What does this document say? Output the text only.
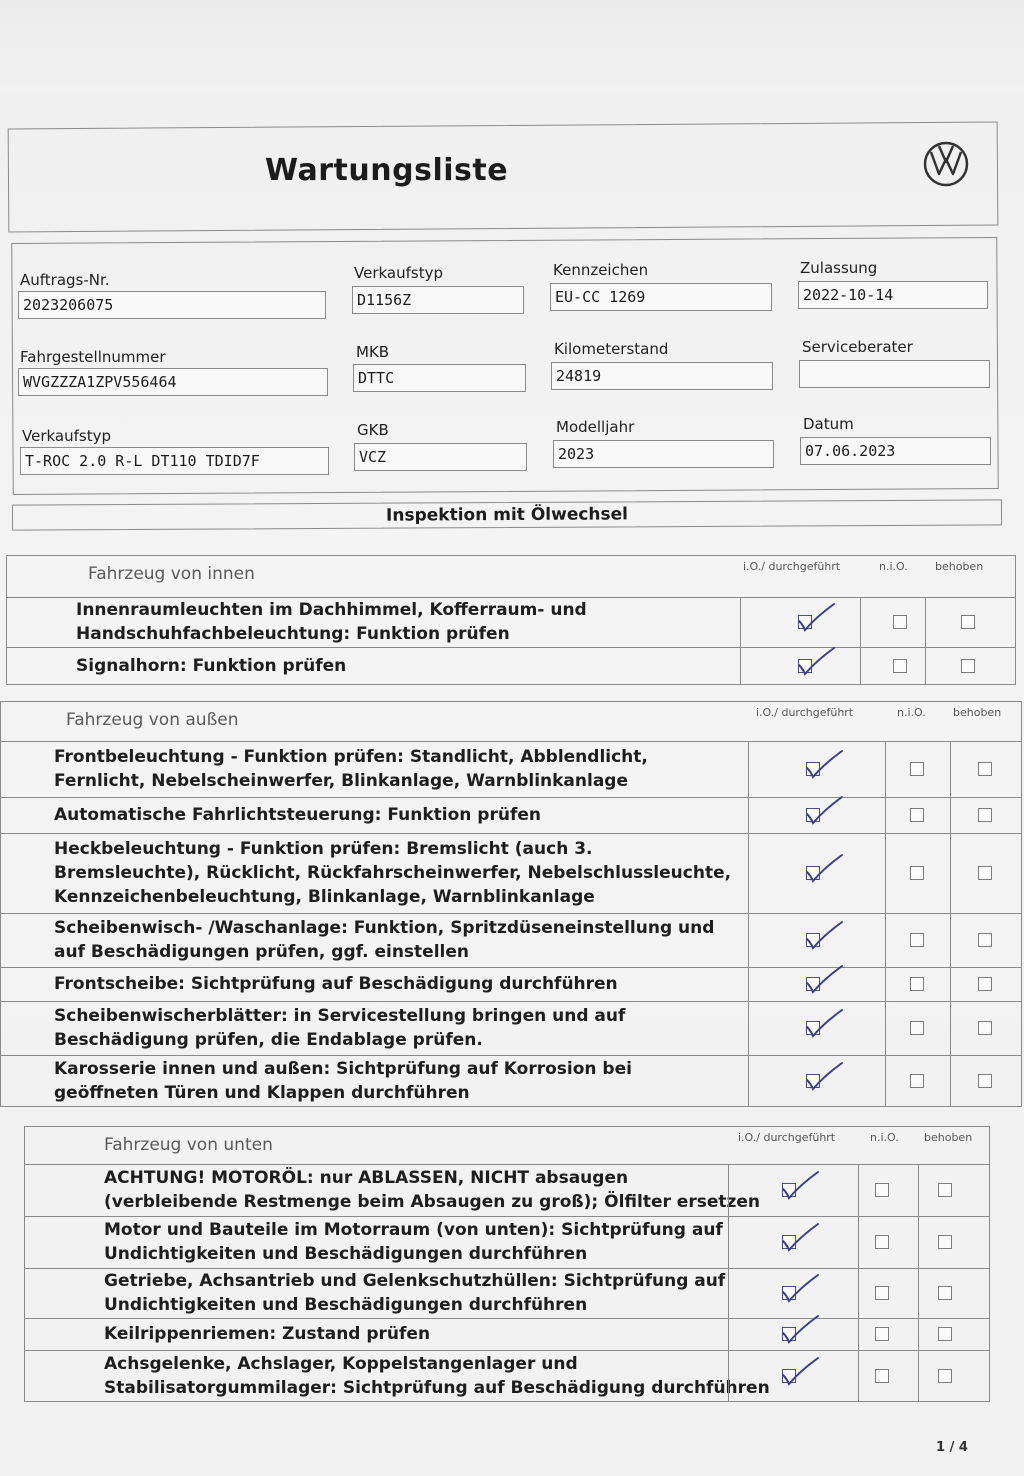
Wartungsliste
Auftrags-Nr.
2023206075
Verkaufstyp
D1156Z
Kennzeichen
EU-CC 1269
Zulassung
2022-10-14
Fahrgestellnummer
WVGZZZA1ZPV556464
MKB
DTTC
Kilometerstand
24819
Serviceberater
Verkaufstyp
T-ROC 2.0 R-L DT110 TDID7F
GKB
VCZ
Modelljahr
2023
Datum
07.06.2023
Inspektion mit Ölwechsel
Fahrzeug von innen	i.O./ durchgeführt	n.i.O. behoben
Innenraumleuchten im Dachhimmel, Kofferraum- und
Handschuhfachbeleuchtung: Funktion prüfen
Signalhorn: Funktion prüfen
Fahrzeug von außen	i.O./ durchgeführt	n.i.O. behoben
Frontbeleuchtung - Funktion prüfen: Standlicht, Abblendlicht,
Fernlicht, Nebelscheinwerfer, Blinkanlage, Warnblinkanlage
Automatische Fahrlichtsteuerung: Funktion prüfen
Heckbeleuchtung - Funktion prüfen: Bremslicht (auch 3.
Bremsleuchte), Rücklicht, Rückfahrscheinwerfer, Nebelschlussleuchte,
Kennzeichenbeleuchtung, Blinkanlage, Warnblinkanlage
Scheibenwisch- /Waschanlage: Funktion, Spritzdüseneinstellung und
auf Beschädigungen prüfen, ggf. einstellen
Frontscheibe: Sichtprüfung auf Beschädigung durchführen
Scheibenwischerblätter: in Servicestellung bringen und auf
Beschädigung prüfen, die Endablage prüfen.
Karosserie innen und außen: Sichtprüfung auf Korrosion bei
geöffneten Türen und Klappen durchführen
Fahrzeug von unten	i.O./ durchgeführt	n.i.O. behoben
ACHTUNG! MOTORÖL: nur ABLASSEN, NICHT absaugen
(verbleibende Restmenge beim Absaugen zu groß); Ölfilter ersetzen
Motor und Bauteile im Motorraum (von unten): Sichtprüfung auf
Undichtigkeiten und Beschädigungen durchführen
Getriebe, Achsantrieb und Gelenkschutzhüllen: Sichtprüfung auf
Undichtigkeiten und Beschädigungen durchführen
Keilrippenriemen: Zustand prüfen
Achsgelenke, Achslager, Koppelstangenlager und
Stabilisatorgummilager: Sichtprüfung auf Beschädigung durchführen
1 / 4
